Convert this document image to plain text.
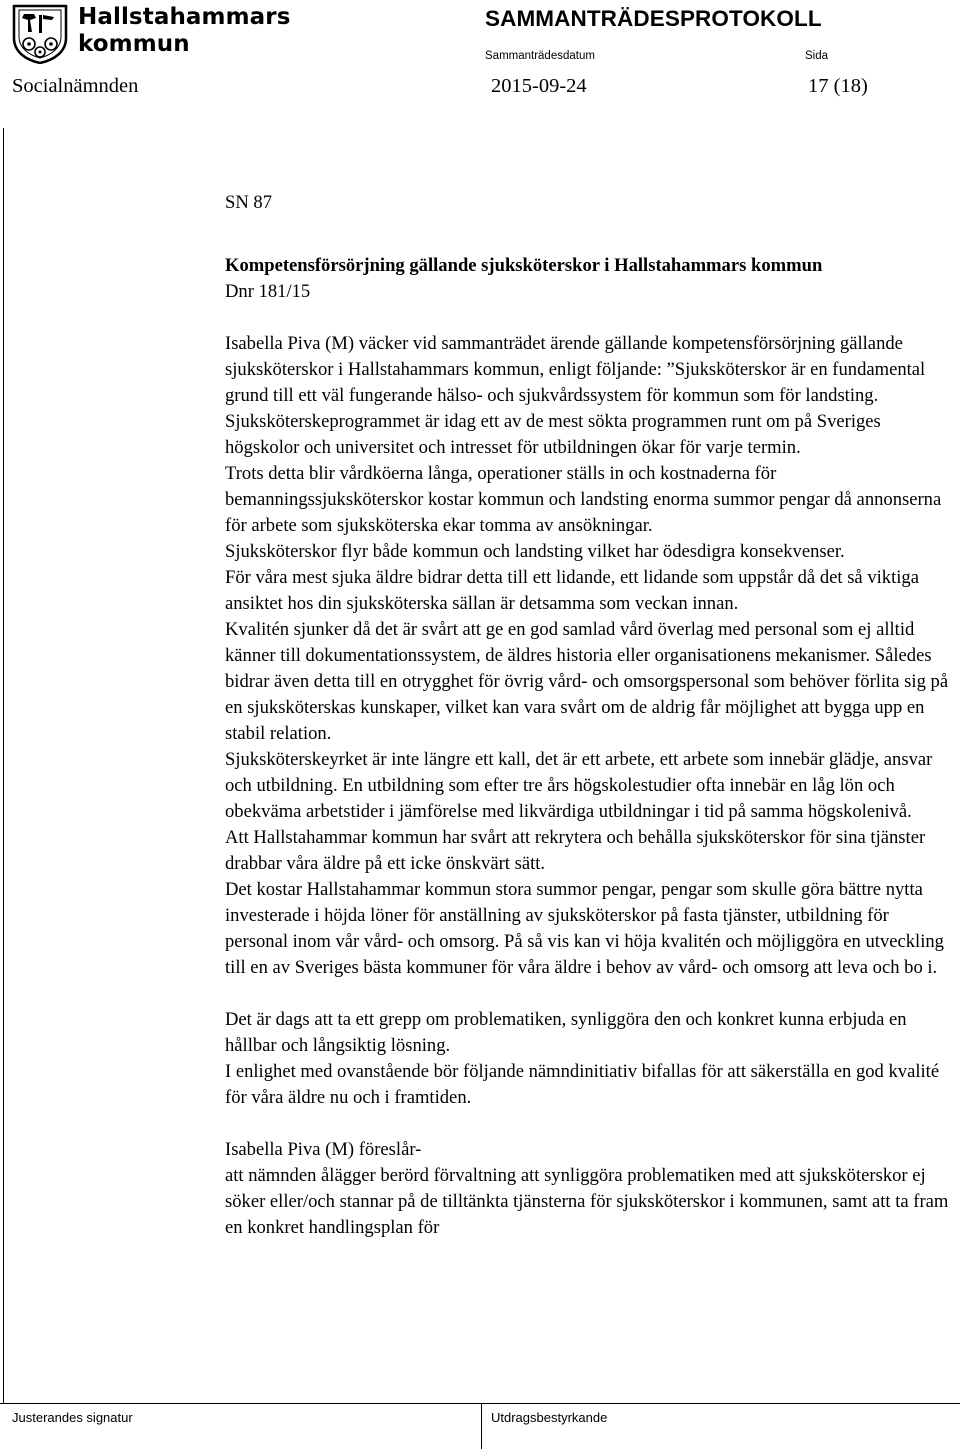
Hallstahammars
kommun
SAMMANTRÄDESPROTOKOLL
Sammanträdesdatum	Sida
Socialnämnden	2015-09-24	17 (18)

SN 87

Kompetensförsörjning gällande sjuksköterskor i Hallstahammars kommun

Dnr 181/15

Isabella Piva (M) väcker vid sammanträdet ärende gällande kompetensförsörjning gällande sjuksköterskor i Hallstahammars kommun, enligt följande: ”Sjuksköterskor är en fundamental grund till ett väl fungerande hälso- och sjukvårdssystem för kommun som för landsting.

Sjuksköterskeprogrammet är idag ett av de mest sökta programmen runt om på Sveriges högskolor och universitet och intresset för utbildningen ökar för varje termin.

Trots detta blir vårdköerna långa, operationer ställs in och kostnaderna för bemanningssjuksköterskor kostar kommun och landsting enorma summor pengar då annonserna för arbete som sjuksköterska ekar tomma av ansökningar.

Sjuksköterskor flyr både kommun och landsting vilket har ödesdigra konsekvenser.

För våra mest sjuka äldre bidrar detta till ett lidande, ett lidande som uppstår då det så viktiga ansiktet hos din sjuksköterska sällan är detsamma som veckan innan.

Kvalitén sjunker då det är svårt att ge en god samlad vård överlag med personal som ej alltid känner till dokumentationssystem, de äldres historia eller organisationens mekanismer. Således bidrar även detta till en otrygghet för övrig vård- och omsorgspersonal som behöver förlita sig på en sjuksköterskas kunskaper, vilket kan vara svårt om de aldrig får möjlighet att bygga upp en stabil relation.

Sjuksköterskeyrket är inte längre ett kall, det är ett arbete, ett arbete som innebär glädje, ansvar och utbildning. En utbildning som efter tre års högskolestudier ofta innebär en låg lön och obekväma arbetstider i jämförelse med likvärdiga utbildningar i tid på samma högskolenivå.

Att Hallstahammar kommun har svårt att rekrytera och behålla sjuksköterskor för sina tjänster drabbar våra äldre på ett icke önskvärt sätt.

Det kostar Hallstahammar kommun stora summor pengar, pengar som skulle göra bättre nytta investerade i höjda löner för anställning av sjuksköterskor på fasta tjänster, utbildning för personal inom vår vård- och omsorg. På så vis kan vi höja kvalitén och möjliggöra en utveckling till en av Sveriges bästa kommuner för våra äldre i behov av vård- och omsorg att leva och bo i.

Det är dags att ta ett grepp om problematiken, synliggöra den och konkret kunna erbjuda en hållbar och långsiktig lösning.

I enlighet med ovanstående bör följande nämndinitiativ bifallas för att säkerställa en god kvalité för våra äldre nu och i framtiden.

Isabella Piva (M) föreslår-

att nämnden ålägger berörd förvaltning att synliggöra problematiken med att sjuksköterskor ej söker eller/och stannar på de tilltänkta tjänsterna för sjuksköterskor i kommunen, samt att ta fram en konkret handlingsplan för

Justerandes signatur	Utdragsbestyrkande
